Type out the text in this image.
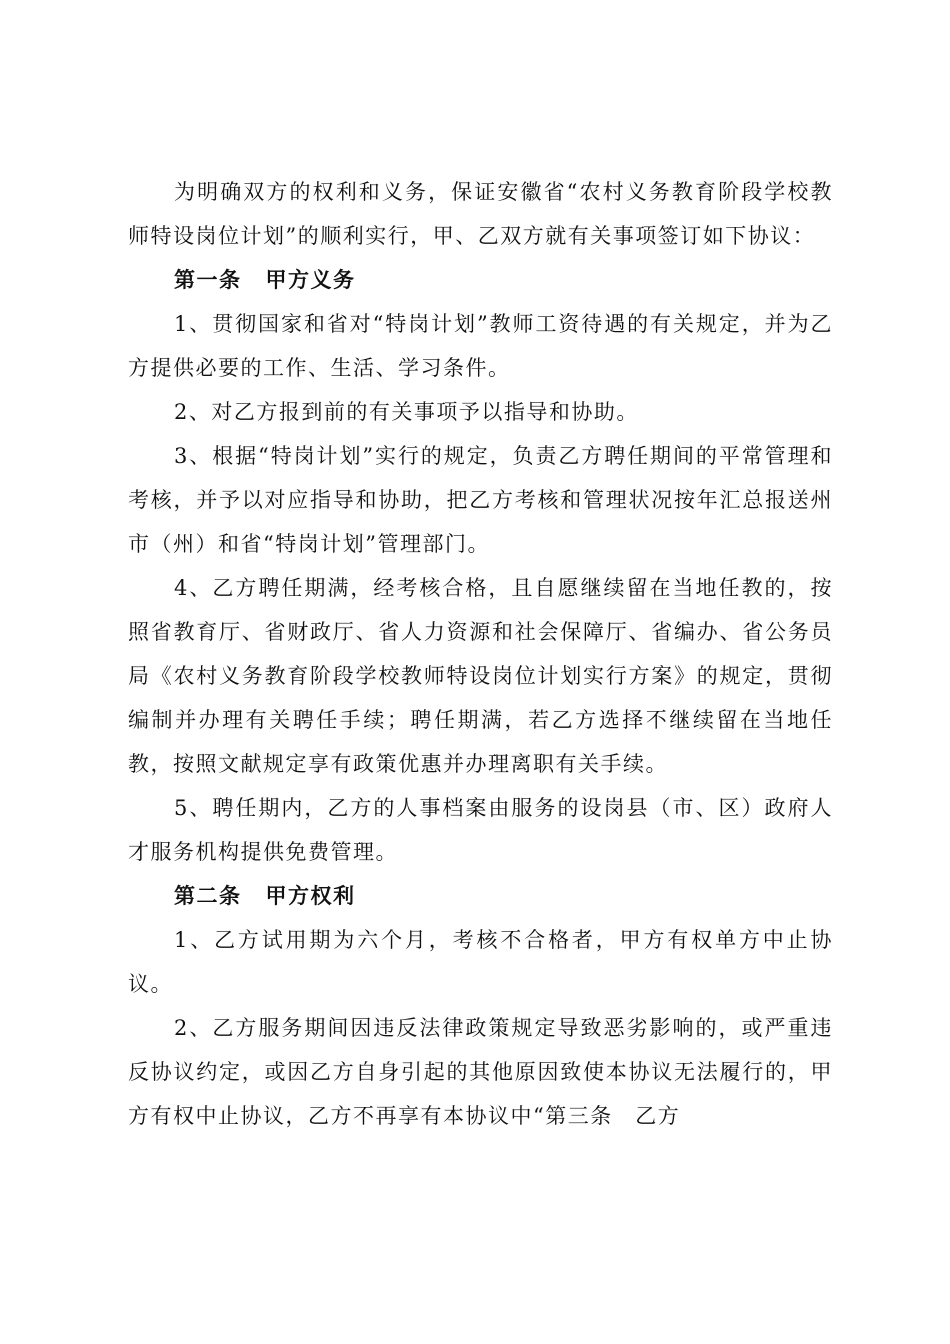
为明确双方的权利和义务，保证安徽省“农村义务教育阶段学校教师特设岗位计划”的顺利实行，甲、乙双方就有关事项签订如下协议：

第一条 甲方义务

1、贯彻国家和省对“特岗计划”教师工资待遇的有关规定，并为乙方提供必要的工作、生活、学习条件。

2、对乙方报到前的有关事项予以指导和协助。

3、根据“特岗计划”实行的规定，负责乙方聘任期间的平常管理和考核，并予以对应指导和协助，把乙方考核和管理状况按年汇总报送州市（州）和省“特岗计划”管理部门。

4、乙方聘任期满，经考核合格，且自愿继续留在当地任教的，按照省教育厅、省财政厅、省人力资源和社会保障厅、省编办、省公务员局《农村义务教育阶段学校教师特设岗位计划实行方案》的规定，贯彻编制并办理有关聘任手续；聘任期满，若乙方选择不继续留在当地任教，按照文献规定享有政策优惠并办理离职有关手续。

5、聘任期内，乙方的人事档案由服务的设岗县（市、区）政府人才服务机构提供免费管理。

第二条 甲方权利

1、乙方试用期为六个月，考核不合格者，甲方有权单方中止协议。

2、乙方服务期间因违反法律政策规定导致恶劣影响的，或严重违反协议约定，或因乙方自身引起的其他原因致使本协议无法履行的，甲方有权中止协议，乙方不再享有本协议中“第三条　乙方
